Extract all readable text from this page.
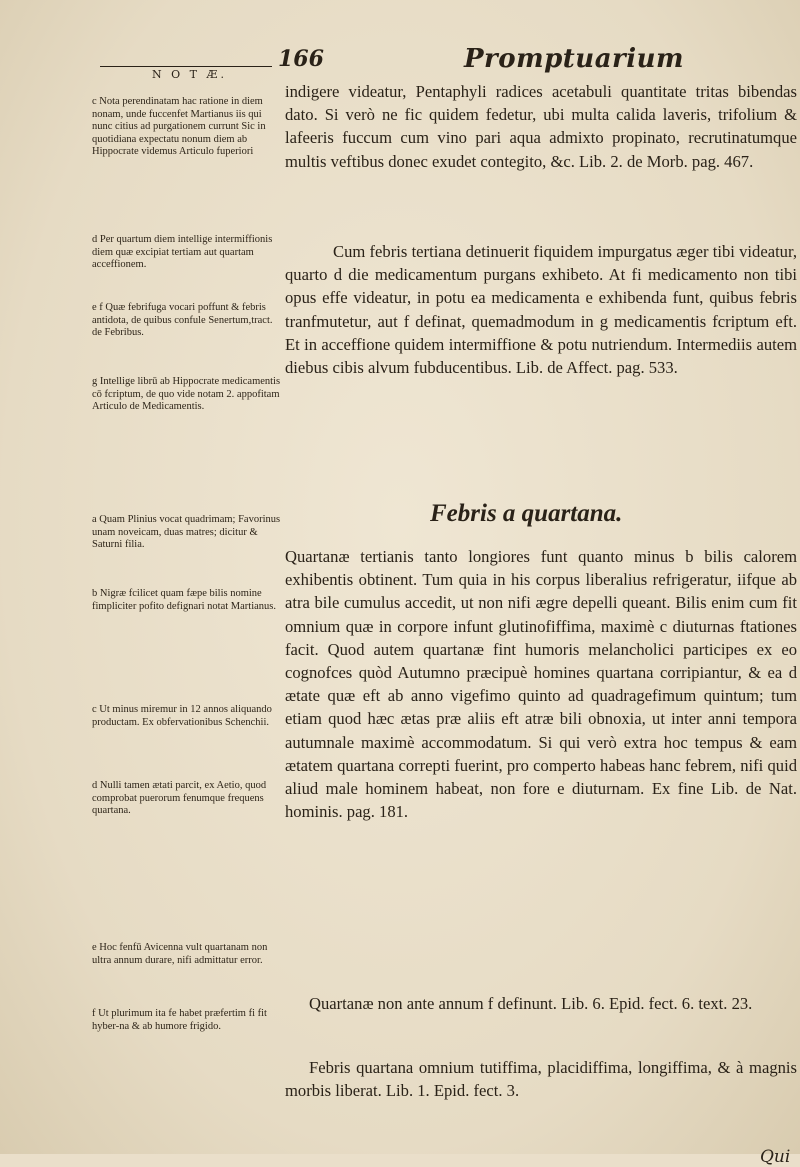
N O T Æ.
166	Promptuarium
c Nota perendinatam hac ratione in diem nonam, unde fuccenfet Martianus iis qui nunc citius ad purgationem currunt Sic in quotidiana expectatu nonum diem ab Hippocrate videmus Articulo fuperiori
d Per quartum diem intellige intermiffionis diem quæ excipiat tertiam aut quartam acceffionem.
e f Quæ febrifuga vocari poffunt & febris antidota, de quibus confule Senertum,tract. de Febribus.
g Intellige librū ab Hippocrate medicamentis cō fcriptum, de quo vide notam 2. appofitam Articulo de Medicamentis.
a Quam Plinius vocat quadrimam; Favorinus unam noveicam, duas matres; dicitur & Saturni filia.
b Nigræ fcilicet quam fæpe bilis nomine fimpliciter pofito defignari notat Martianus.
c Ut minus miremur in 12 annos aliquando productam. Ex obfervationibus Schenchii.
d Nulli tamen ætati parcit, ex Aetio, quod comprobat puerorum fenumque frequens quartana.
e Hoc fenfū Avicenna vult quartanam non ultra annum durare, nifi admittatur error.
f Ut plurimum ita fe habet præfertim fi fit hyber-na & ab humore frigido.
indigere videatur, Pentaphyli radices acetabuli quantitate tritas bibendas dato. Si verò ne fic quidem fedetur, ubi multa calida laveris, trifolium & lafeeris fuccum cum vino pari aqua admixto propinato, recrutinatumque multis veftibus donec exudet contegito, &c. Lib. 2. de Morb. pag. 467.
Cum febris tertiana detinuerit fiquidem impurgatus æger tibi videatur, quarto d die medicamentum purgans exhibeto. At fi medicamento non tibi opus effe videatur, in potu ea medicamenta e exhibenda funt, quibus febris tranfmutetur, aut f definat, quemadmodum in g medicamentis fcriptum eft. Et in acceffione quidem intermiffione & potu nutriendum. Intermediis autem diebus cibis alvum fubducentibus. Lib. de Affect. pag. 533.
Febris a quartana.
Quartanæ tertianis tanto longiores funt quanto minus b bilis calorem exhibentis obtinent. Tum quia in his corpus liberalius refrigeratur, iifque ab atra bile cumulus accedit, ut non nifi ægre depelli queant. Bilis enim cum fit omnium quæ in corpore infunt glutinofiffima, maximè c diuturnas ftationes facit. Quod autem quartanæ fint humoris melancholici participes ex eo cognofces quòd Autumno præcipuè homines quartana corripiantur, & ea d ætate quæ eft ab anno vigefimo quinto ad quadragefimum quintum; tum etiam quod hæc ætas præ aliis eft atræ bili obnoxia, ut inter anni tempora autumnale maximè accommodatum. Si qui verò extra hoc tempus & eam ætatem quartana correpti fuerint, pro comperto habeas hanc febrem, nifi quid aliud male hominem habeat, non fore e diuturnam. Ex fine Lib. de Nat. hominis. pag. 181.
Quartanæ non ante annum f definunt. Lib. 6. Epid. fect. 6. text. 23.
Febris quartana omnium tutiffima, placidiffima, longiffima, & à magnis morbis liberat. Lib. 1. Epid. fect. 3.
Qui
